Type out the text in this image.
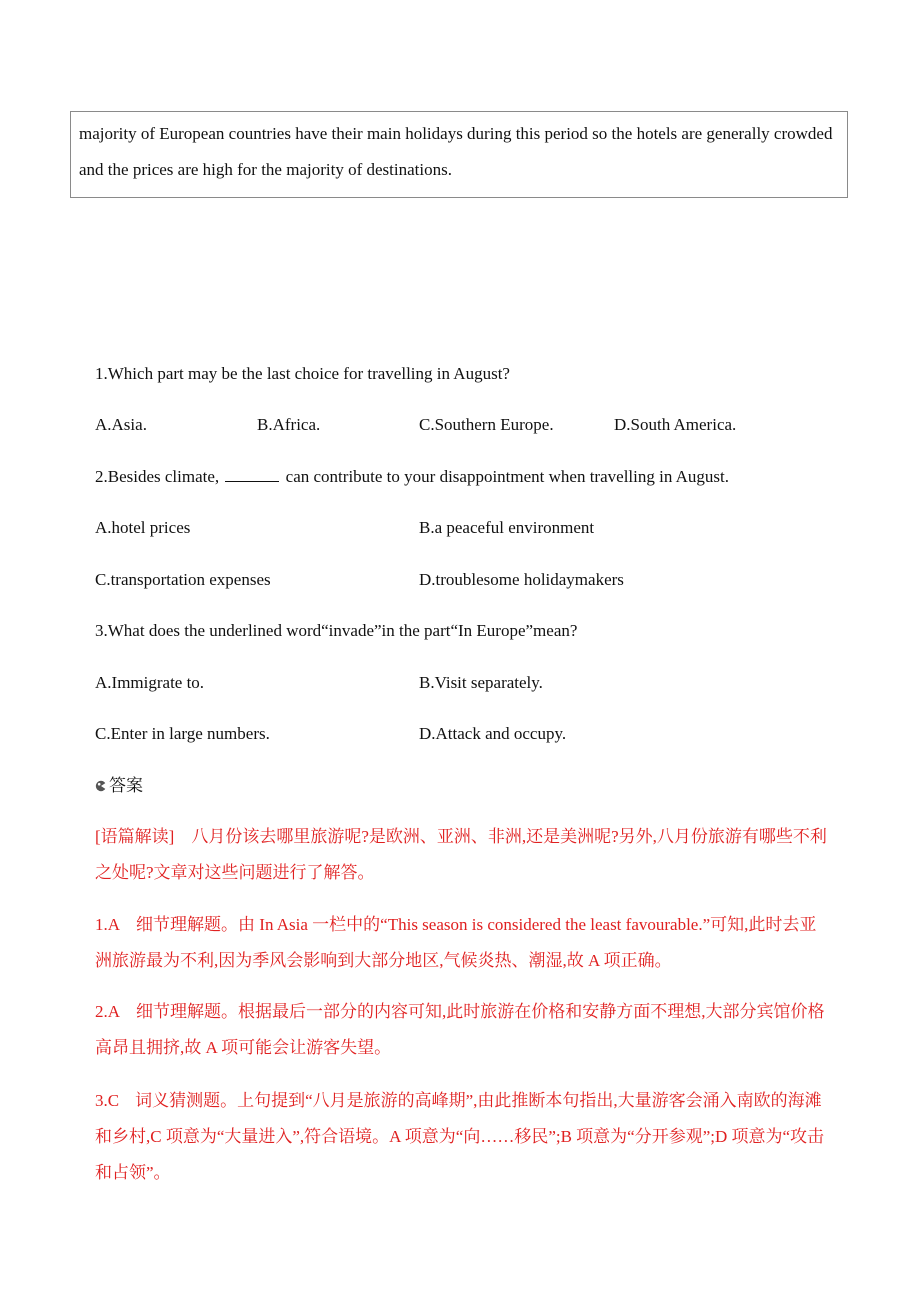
majority of European countries have their main holidays during this period so the hotels are generally crowded and the prices are high for the majority of destinations.

1.Which part may be the last choice for travelling in August?
A.Asia.	B.Africa.	C.Southern Europe.	D.South America.
2.Besides climate,	can contribute to your disappointment when travelling in August.
A.hotel prices	B.a peaceful environment
C.transportation expenses	D.troublesome holidaymakers
3.What does the underlined word“invade”in the part“In Europe”mean?
A.Immigrate to.	B.Visit separately.
C.Enter in large numbers.	D.Attack and occupy.
答案

[语篇解读]　八月份该去哪里旅游呢?是欧洲、亚洲、非洲,还是美洲呢?另外,八月份旅游有哪些不利之处呢?文章对这些问题进行了解答。

1.A 细节理解题。由 In Asia 一栏中的“This season is considered the least favourable.”可知,此时去亚洲旅游最为不利,因为季风会影响到大部分地区,气候炎热、潮湿,故 A 项正确。

2.A 细节理解题。根据最后一部分的内容可知,此时旅游在价格和安静方面不理想,大部分宾馆价格高昂且拥挤,故 A 项可能会让游客失望。

3.C 词义猜测题。上句提到“八月是旅游的高峰期”,由此推断本句指出,大量游客会涌入南欧的海滩和乡村,C 项意为“大量进入”,符合语境。A 项意为“向……移民”;B 项意为“分开参观”;D 项意为“攻击和占领”。
